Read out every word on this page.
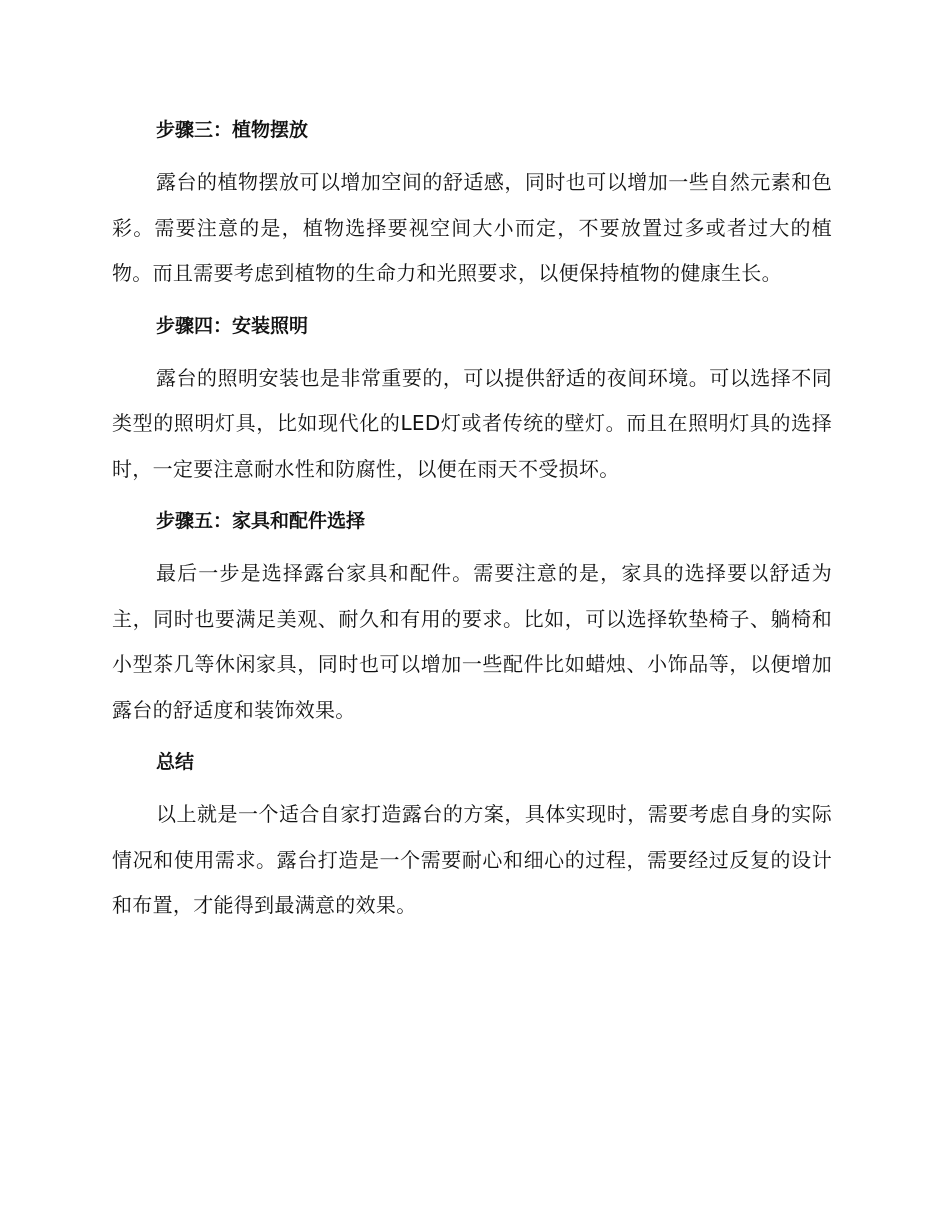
步骤三：植物摆放

露台的植物摆放可以增加空间的舒适感，同时也可以增加一些自然元素和色彩。需要注意的是，植物选择要视空间大小而定，不要放置过多或者过大的植物。而且需要考虑到植物的生命力和光照要求，以便保持植物的健康生长。

步骤四：安装照明

露台的照明安装也是非常重要的，可以提供舒适的夜间环境。可以选择不同类型的照明灯具，比如现代化的LED灯或者传统的壁灯。而且在照明灯具的选择时，一定要注意耐水性和防腐性，以便在雨天不受损坏。

步骤五：家具和配件选择

最后一步是选择露台家具和配件。需要注意的是，家具的选择要以舒适为主，同时也要满足美观、耐久和有用的要求。比如，可以选择软垫椅子、躺椅和小型茶几等休闲家具，同时也可以增加一些配件比如蜡烛、小饰品等，以便增加露台的舒适度和装饰效果。

总结

以上就是一个适合自家打造露台的方案，具体实现时，需要考虑自身的实际情况和使用需求。露台打造是一个需要耐心和细心的过程，需要经过反复的设计和布置，才能得到最满意的效果。
